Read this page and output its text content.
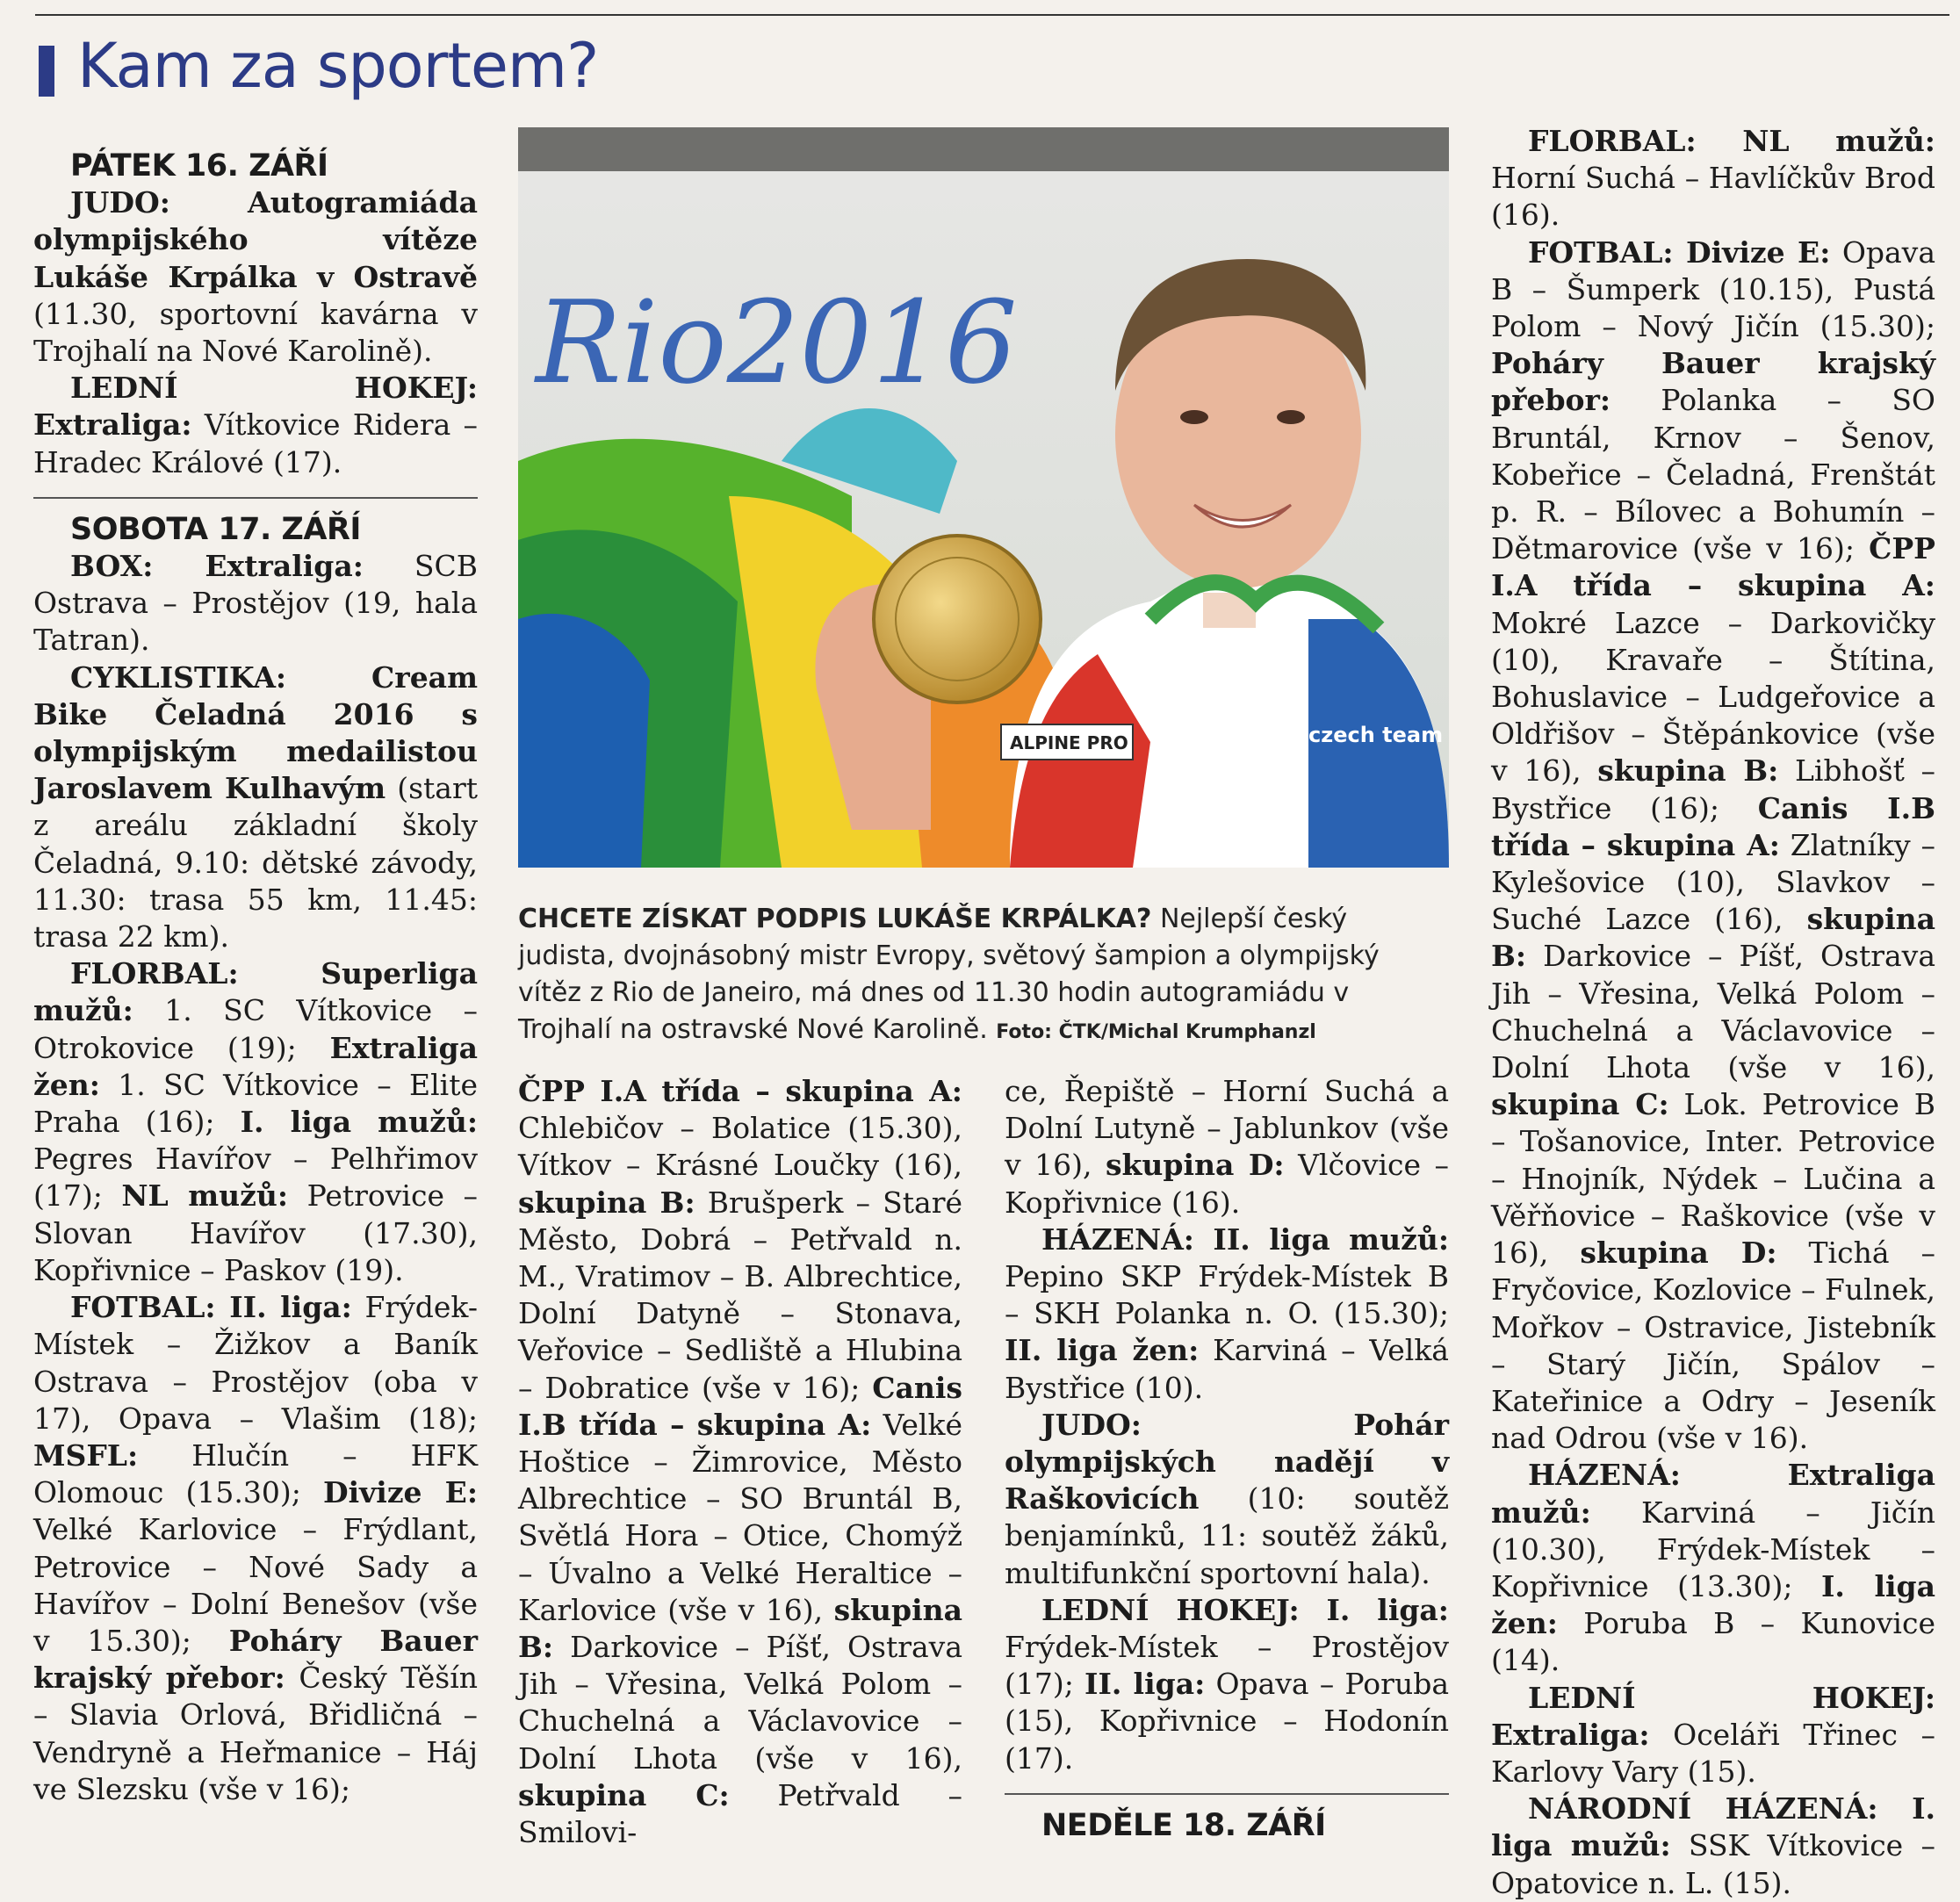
Kam za sportem?

PÁTEK 16. ZÁŘÍ

JUDO: Autogramiáda olympijského vítěze Lukáše Krpálka v Ostravě (11.30, sportovní kavárna v Trojhalí na Nové Karolině).

LEDNÍ HOKEJ: Extraliga: Vítkovice Ridera – Hradec Králové (17).

SOBOTA 17. ZÁŘÍ

BOX: Extraliga: SCB Ostrava – Prostějov (19, hala Tatran).

CYKLISTIKA: Cream Bike Čeladná 2016 s olympijským medailistou Jaroslavem Kulhavým (start z areálu základní školy Čeladná, 9.10: dětské závody, 11.30: trasa 55 km, 11.45: trasa 22 km).

FLORBAL: Superliga mužů: 1. SC Vítkovice – Otrokovice (19); Extraliga žen: 1. SC Vítkovice – Elite Praha (16); I. liga mužů: Pegres Havířov – Pelhřimov (17); NL mužů: Petrovice – Slovan Havířov (17.30), Kopřivnice – Paskov (19).

FOTBAL: II. liga: Frýdek-Místek – Žižkov a Baník Ostrava – Prostějov (oba v 17), Opava – Vlašim (18); MSFL: Hlučín – HFK Olomouc (15.30); Divize E: Velké Karlovice – Frýdlant, Petrovice – Nové Sady a Havířov – Dolní Benešov (vše v 15.30); Poháry Bauer krajský přebor: Český Těšín – Slavia Orlová, Břidličná – Vendryně a Heřmanice – Háj ve Slezsku (vše v 16);

Rio2016
ALPINE PRO	czech team
CHCETE ZÍSKAT PODPIS LUKÁŠE KRPÁLKA? Nejlepší český judista, dvojnásobný mistr Evropy, světový šampion a olympijský vítěz z Rio de Janeiro, má dnes od 11.30 hodin autogramiádu v Trojhalí na ostravské Nové Karolině. Foto: ČTK/Michal Krumphanzl

ČPP I.A třída – skupina A: Chlebičov – Bolatice (15.30), Vítkov – Krásné Loučky (16), skupina B: Brušperk – Staré Město, Dobrá – Petřvald n. M., Vratimov – B. Albrechtice, Dolní Datyně – Stonava, Veřovice – Sedliště a Hlubina – Dobratice (vše v 16); Canis I.B třída – skupina A: Velké Hoštice – Žimrovice, Město Albrechtice – SO Bruntál B, Světlá Hora – Otice, Chomýž – Úvalno a Velké Heraltice – Karlovice (vše v 16), skupina B: Darkovice – Píšť, Ostrava Jih – Vřesina, Velká Polom – Chuchelná a Václavovice – Dolní Lhota (vše v 16), skupina C: Petřvald – Smilovi-

ce, Řepiště – Horní Suchá a Dolní Lutyně – Jablunkov (vše v 16), skupina D: Vlčovice – Kopřivnice (16).

HÁZENÁ: II. liga mužů: Pepino SKP Frýdek-Místek B – SKH Polanka n. O. (15.30); II. liga žen: Karviná – Velká Bystřice (10).

JUDO: Pohár olympijských nadějí v Raškovicích (10: soutěž benjamínků, 11: soutěž žáků, multifunkční sportovní hala).

LEDNÍ HOKEJ: I. liga: Frýdek-Místek – Prostějov (17); II. liga: Opava – Poruba (15), Kopřivnice – Hodonín (17).

NEDĚLE 18. ZÁŘÍ

FLORBAL: NL mužů: Horní Suchá – Havlíčkův Brod (16).

FOTBAL: Divize E: Opava B – Šumperk (10.15), Pustá Polom – Nový Jičín (15.30); Poháry Bauer krajský přebor: Polanka – SO Bruntál, Krnov – Šenov, Kobeřice – Čeladná, Frenštát p. R. – Bílovec a Bohumín – Dětmarovice (vše v 16); ČPP I.A třída – skupina A: Mokré Lazce – Darkovičky (10), Kravaře – Štítina, Bohuslavice – Ludgeřovice a Oldřišov – Štěpánkovice (vše v 16), skupina B: Libhošť – Bystřice (16); Canis I.B třída – skupina A: Zlatníky – Kylešovice (10), Slavkov – Suché Lazce (16), skupina B: Darkovice – Píšť, Ostrava Jih – Vřesina, Velká Polom – Chuchelná a Václavovice – Dolní Lhota (vše v 16), skupina C: Lok. Petrovice B – Tošanovice, Inter. Petrovice – Hnojník, Nýdek – Lučina a Věřňovice – Raškovice (vše v 16), skupina D: Tichá – Fryčovice, Kozlovice – Fulnek, Mořkov – Ostravice, Jistebník – Starý Jičín, Spálov – Kateřinice a Odry – Jeseník nad Odrou (vše v 16).

HÁZENÁ: Extraliga mužů: Karviná – Jičín (10.30), Frýdek-Místek – Kopřivnice (13.30); I. liga žen: Poruba B – Kunovice (14).

LEDNÍ HOKEJ: Extraliga: Oceláři Třinec – Karlovy Vary (15).

NÁRODNÍ HÁZENÁ: I. liga mužů: SSK Vítkovice – Opatovice n. L. (15).
